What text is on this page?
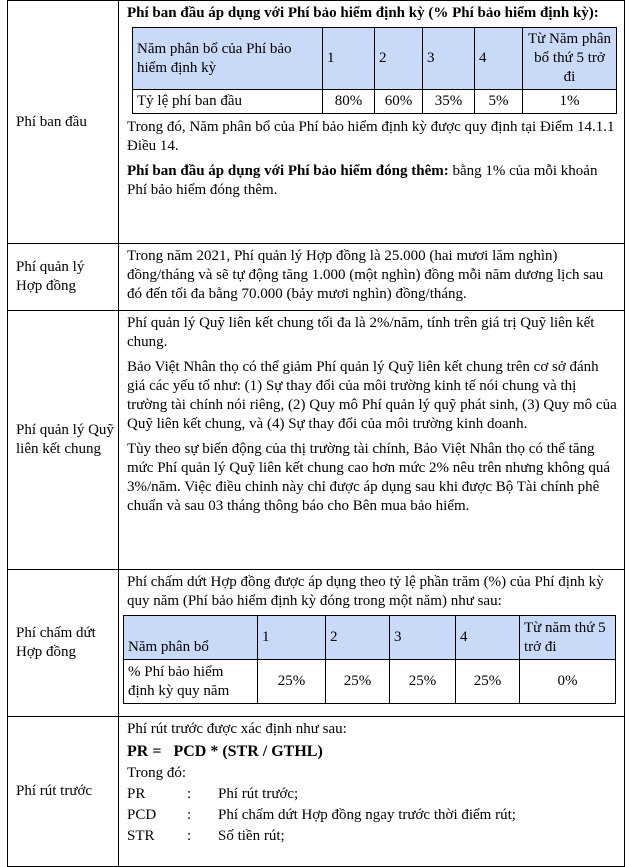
Phí ban đầu	

Phí ban đầu áp dụng với Phí bảo hiểm định kỳ (% Phí bảo hiểm định kỳ):

Năm phân bổ của Phí bảo hiểm định kỳ	1	2	3	4	Từ Năm phân bổ thứ 5 trở đi
Tỷ lệ phí ban đầu	80%	60%	35%	5%	1%

Trong đó, Năm phân bổ của Phí bảo hiểm định kỳ được quy định tại Điểm 14.1.1 Điều 14.

Phí ban đầu áp dụng với Phí bảo hiểm đóng thêm: bằng 1% của mỗi khoản Phí bảo hiểm đóng thêm.

Phí quản lý Hợp đồng	

Trong năm 2021, Phí quản lý Hợp đồng là 25.000 (hai mươi lăm nghìn) đồng/tháng và sẽ tự động tăng 1.000 (một nghìn) đồng mỗi năm dương lịch sau đó đến tối đa bằng 70.000 (bảy mươi nghìn) đồng/tháng.

Phí quản lý Quỹ liên kết chung	

Phí quản lý Quỹ liên kết chung tối đa là 2%/năm, tính trên giá trị Quỹ liên kết chung.

Bảo Việt Nhân thọ có thể giảm Phí quản lý Quỹ liên kết chung trên cơ sở đánh giá các yếu tố như: (1) Sự thay đổi của môi trường kinh tế nói chung và thị trường tài chính nói riêng, (2) Quy mô Phí quản lý quỹ phát sinh, (3) Quy mô của Quỹ liên kết chung, và (4) Sự thay đổi của môi trường kinh doanh.

Tùy theo sự biến động của thị trường tài chính, Bảo Việt Nhân thọ có thể tăng mức Phí quản lý Quỹ liên kết chung cao hơn mức 2% nêu trên nhưng không quá 3%/năm. Việc điều chỉnh này chỉ được áp dụng sau khi được Bộ Tài chính phê chuẩn và sau 03 tháng thông báo cho Bên mua bảo hiểm.

Phí chấm dứt Hợp đồng	

Phí chấm dứt Hợp đồng được áp dụng theo tỷ lệ phần trăm (%) của Phí định kỳ quy năm (Phí bảo hiểm định kỳ đóng trong một năm) như sau:

Năm phân bổ	1	2	3	4	Từ năm thứ 5 trở đi
% Phí bảo hiểm định kỳ quy năm	25%	25%	25%	25%	0%

Phí rút trước	

Phí rút trước được xác định như sau:

PR =   PCD * (STR / GTHL)

Trong đó:

PR	:	Phí rút trước;
PCD	:	Phí chấm dứt Hợp đồng ngay trước thời điểm rút;
STR	:	Số tiền rút;
